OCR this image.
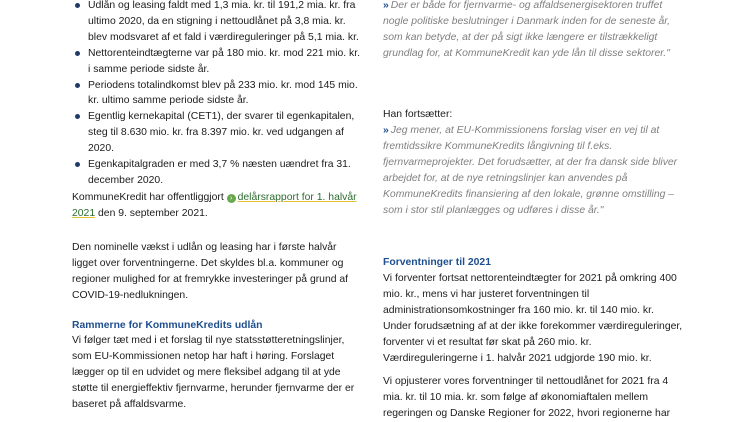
Udlån og leasing faldt med 1,3 mia. kr. til 191,2 mia. kr. fra ultimo 2020, da en stigning i nettoudlånet på 3,8 mia. kr. blev modsvaret af et fald i værdireguleringer på 5,1 mia. kr.
Nettorenteindtægterne var på 180 mio. kr. mod 221 mio. kr. i samme periode sidste år.
Periodens totalindkomst blev på 233 mio. kr. mod 145 mio. kr. ultimo samme periode sidste år.
Egentlig kernekapital (CET1), der svarer til egenkapitalen, steg til 8.630 mio. kr. fra 8.397 mio. kr. ved udgangen af 2020.
Egenkapitalgraden er med 3,7 % næsten uændret fra 31. december 2020.

KommuneKredit har offentliggjort › delårsrapport for 1. halvår 2021 den 9. september 2021.

Den nominelle vækst i udlån og leasing har i første halvår ligget over forventningerne. Det skyldes bl.a. kommuner og regioner mulighed for at fremrykke investeringer på grund af COVID-19-nedlukningen.

Rammerne for KommuneKredits udlån

Vi følger tæt med i et forslag til nye statsstøtteretningslinjer, som EU-Kommissionen netop har haft i høring. Forslaget lægger op til en udvidet og mere fleksibel adgang til at yde støtte til energieffektiv fjernvarme, herunder fjernvarme der er baseret på affaldsvarme.

» Der er både for fjernvarme- og affaldsenergisektoren truffet nogle politiske beslutninger i Danmark inden for de seneste år, som kan betyde, at der på sigt ikke længere er tilstrækkeligt grundlag for, at KommuneKredit kan yde lån til disse sektorer."

Han fortsætter:

» Jeg mener, at EU-Kommissionens forslag viser en vej til at fremtidssikre KommuneKredits långivning til f.eks. fjernvarmeprojekter. Det forudsætter, at der fra dansk side bliver arbejdet for, at de nye retningslinjer kan anvendes på KommuneKredits finansiering af den lokale, grønne omstilling – som i stor stil planlægges og udføres i disse år."

Forventninger til 2021

Vi forventer fortsat nettorenteindtægter for 2021 på omkring 400 mio. kr., mens vi har justeret forventningen til administrationsomkostninger fra 160 mio. kr. til 140 mio. kr. Under forudsætning af at der ikke forekommer værdireguleringer, forventer vi et resultat før skat på 260 mio. kr. Værdireguleringerne i 1. halvår 2021 udgjorde 190 mio. kr.

Vi opjusterer vores forventninger til nettoudlånet for 2021 fra 4 mia. kr. til 10 mia. kr. som følge af økonomiaftalen mellem regeringen og Danske Regioner for 2022, hvori regionerne har
